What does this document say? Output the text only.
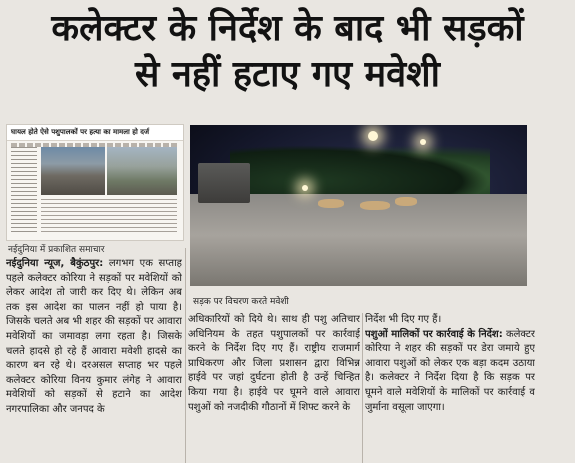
कलेक्टर के निर्देश के बाद भी सड़कों
से नहीं हटाए गए मवेशी
घायल होते ऐसे पशुपालकों पर हत्या का मामला हो दर्ज
नईदुनिया में प्रकाशित समाचार
सड़क पर विचरण करते मवेशी
नईदुनिया न्यूज, बैकुंठपुर: लगभग एक सप्ताह पहले कलेक्टर कोरिया ने सड़कों पर मवेशियों को लेकर आदेश तो जारी कर दिए थे। लेकिन अब तक इस आदेश का पालन नहीं हो पाया है। जिसके चलते अब भी शहर की सड़कों पर आवारा मवेशियों का जमावड़ा लगा रहता है। जिसके चलते हादसे हो रहे हैं आवारा मवेशी हादसे का कारण बन रहे थे। दरअसल सप्ताह भर पहले कलेक्टर कोरिया विनय कुमार लंगेह ने आवारा मवेशियों को सड़कों से हटाने का आदेश नगरपालिका और जनपद के
अधिकारियों को दिये थे। साथ ही पशु अतिचार अधिनियम के तहत पशुपालकों पर कार्रवाई करने के निर्देश दिए गए हैं। राष्ट्रीय राजमार्ग प्राधिकरण और जिला प्रशासन द्वारा विभिन्न हाईवे पर जहां दुर्घटना होती है उन्हें चिन्हित किया गया है। हाईवे पर घूमने वाले आवारा पशुओं को नजदीकी गौठानों में शिफ्ट करने के
निर्देश भी दिए गए हैं।
पशुओं मालिकों पर कार्रवाई के निर्देश: कलेक्टर कोरिया ने शहर की सड़कों पर डेरा जमाये हुए आवारा पशुओं को लेकर एक बड़ा कदम उठाया है। कलेक्टर ने निर्देश दिया है कि सड़क पर घूमने वाले मवेशियों के मालिकों पर कार्रवाई व जुर्माना वसूला जाएगा।
